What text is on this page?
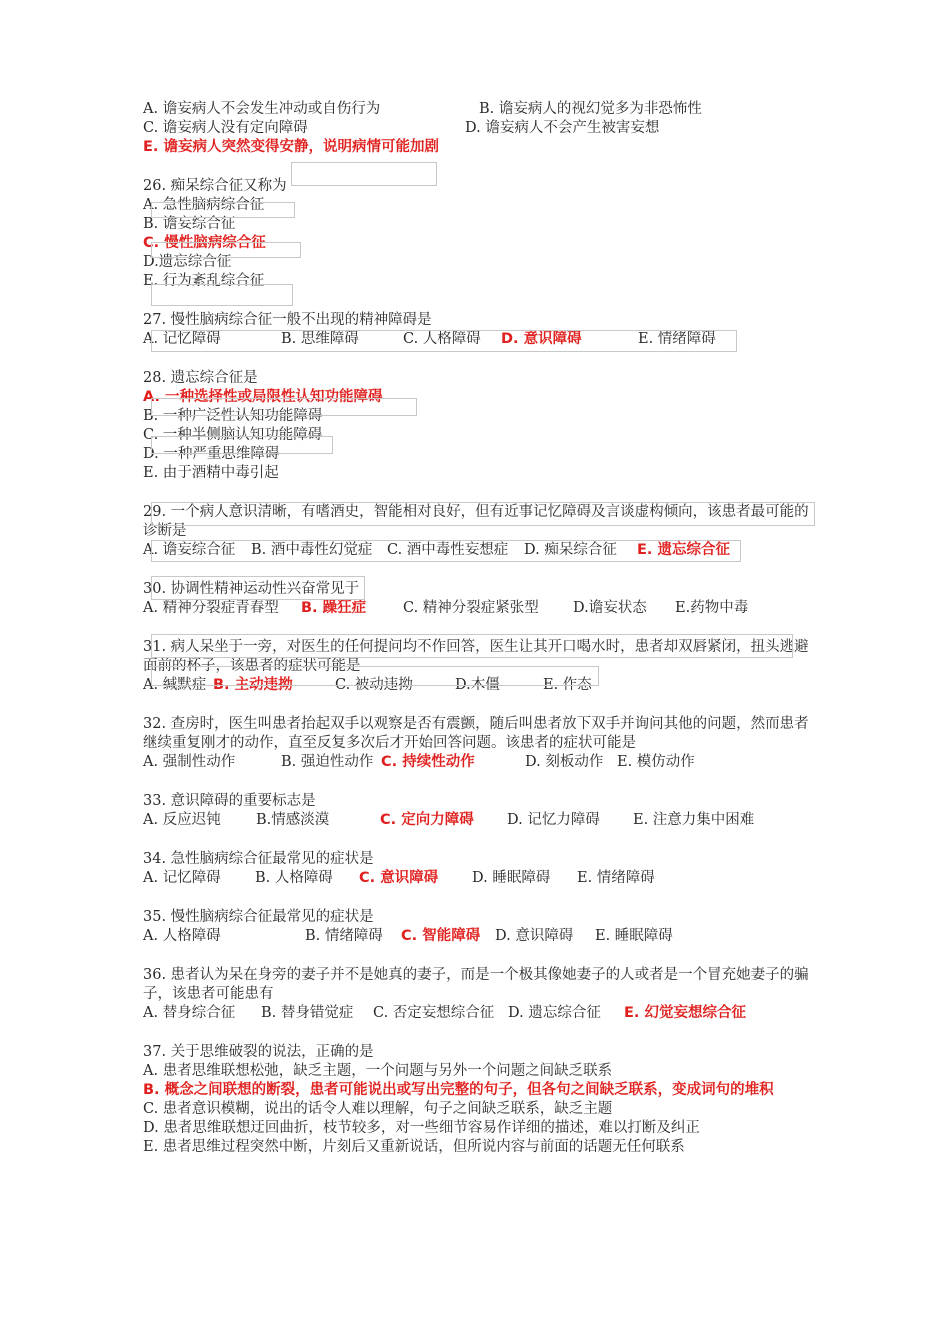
A. 谵妄病人不会发生冲动或自伤行为	B. 谵妄病人的视幻觉多为非恐怖性
C. 谵妄病人没有定向障碍	D. 谵妄病人不会产生被害妄想
E. 谵妄病人突然变得安静，说明病情可能加剧
26. 痴呆综合征又称为
A. 急性脑病综合征
B. 谵妄综合征
C. 慢性脑病综合征
D.遗忘综合征
E. 行为紊乱综合征
27. 慢性脑病综合征一般不出现的精神障碍是
A. 记忆障碍	B. 思维障碍	C. 人格障碍 D. 意识障碍	E. 情绪障碍
28. 遗忘综合征是
A. 一种选择性或局限性认知功能障碍
B. 一种广泛性认知功能障碍
C. 一种半侧脑认知功能障碍
D. 一种严重思维障碍
E. 由于酒精中毒引起
29. 一个病人意识清晰，有嗜酒史，智能相对良好，但有近事记忆障碍及言谈虚构倾向，该患者最可能的诊断是
A. 谵妄综合征 B. 酒中毒性幻觉症 C. 酒中毒性妄想症 D. 痴呆综合征 E. 遗忘综合征
30. 协调性精神运动性兴奋常见于
A. 精神分裂症青春型 B. 躁狂症	C. 精神分裂症紧张型 D.谵妄状态 E.药物中毒
31. 病人呆坐于一旁，对医生的任何提问均不作回答，医生让其开口喝水时，患者却双唇紧闭，扭头逃避面前的杯子，该患者的症状可能是
A. 缄默症 B. 主动违拗	C. 被动违拗	D.木僵	E. 作态
32. 查房时，医生叫患者抬起双手以观察是否有震颤，随后叫患者放下双手并询问其他的问题，然而患者继续重复刚才的动作，直至反复多次后才开始回答问题。该患者的症状可能是
A. 强制性动作	B. 强迫性动作 C. 持续性动作	D. 刻板动作 E. 模仿动作
33. 意识障碍的重要标志是
A. 反应迟钝 B.情感淡漠	C. 定向力障碍 D. 记忆力障碍 E. 注意力集中困难
34. 急性脑病综合征最常见的症状是
A. 记忆障碍 B. 人格障碍 C. 意识障碍 D. 睡眠障碍 E. 情绪障碍
35. 慢性脑病综合征最常见的症状是
A. 人格障碍	B. 情绪障碍 C. 智能障碍 D. 意识障碍 E. 睡眠障碍
36. 患者认为呆在身旁的妻子并不是她真的妻子，而是一个极其像她妻子的人或者是一个冒充她妻子的骗子，该患者可能患有
A. 替身综合征 B. 替身错觉症 C. 否定妄想综合征 D. 遗忘综合征 E. 幻觉妄想综合征
37. 关于思维破裂的说法，正确的是
A. 患者思维联想松弛，缺乏主题，一个问题与另外一个问题之间缺乏联系
B. 概念之间联想的断裂，患者可能说出或写出完整的句子，但各句之间缺乏联系，变成词句的堆积
C. 患者意识模糊，说出的话令人难以理解，句子之间缺乏联系，缺乏主题
D. 患者思维联想迂回曲折，枝节较多，对一些细节容易作详细的描述，难以打断及纠正
E. 患者思维过程突然中断，片刻后又重新说话，但所说内容与前面的话题无任何联系
